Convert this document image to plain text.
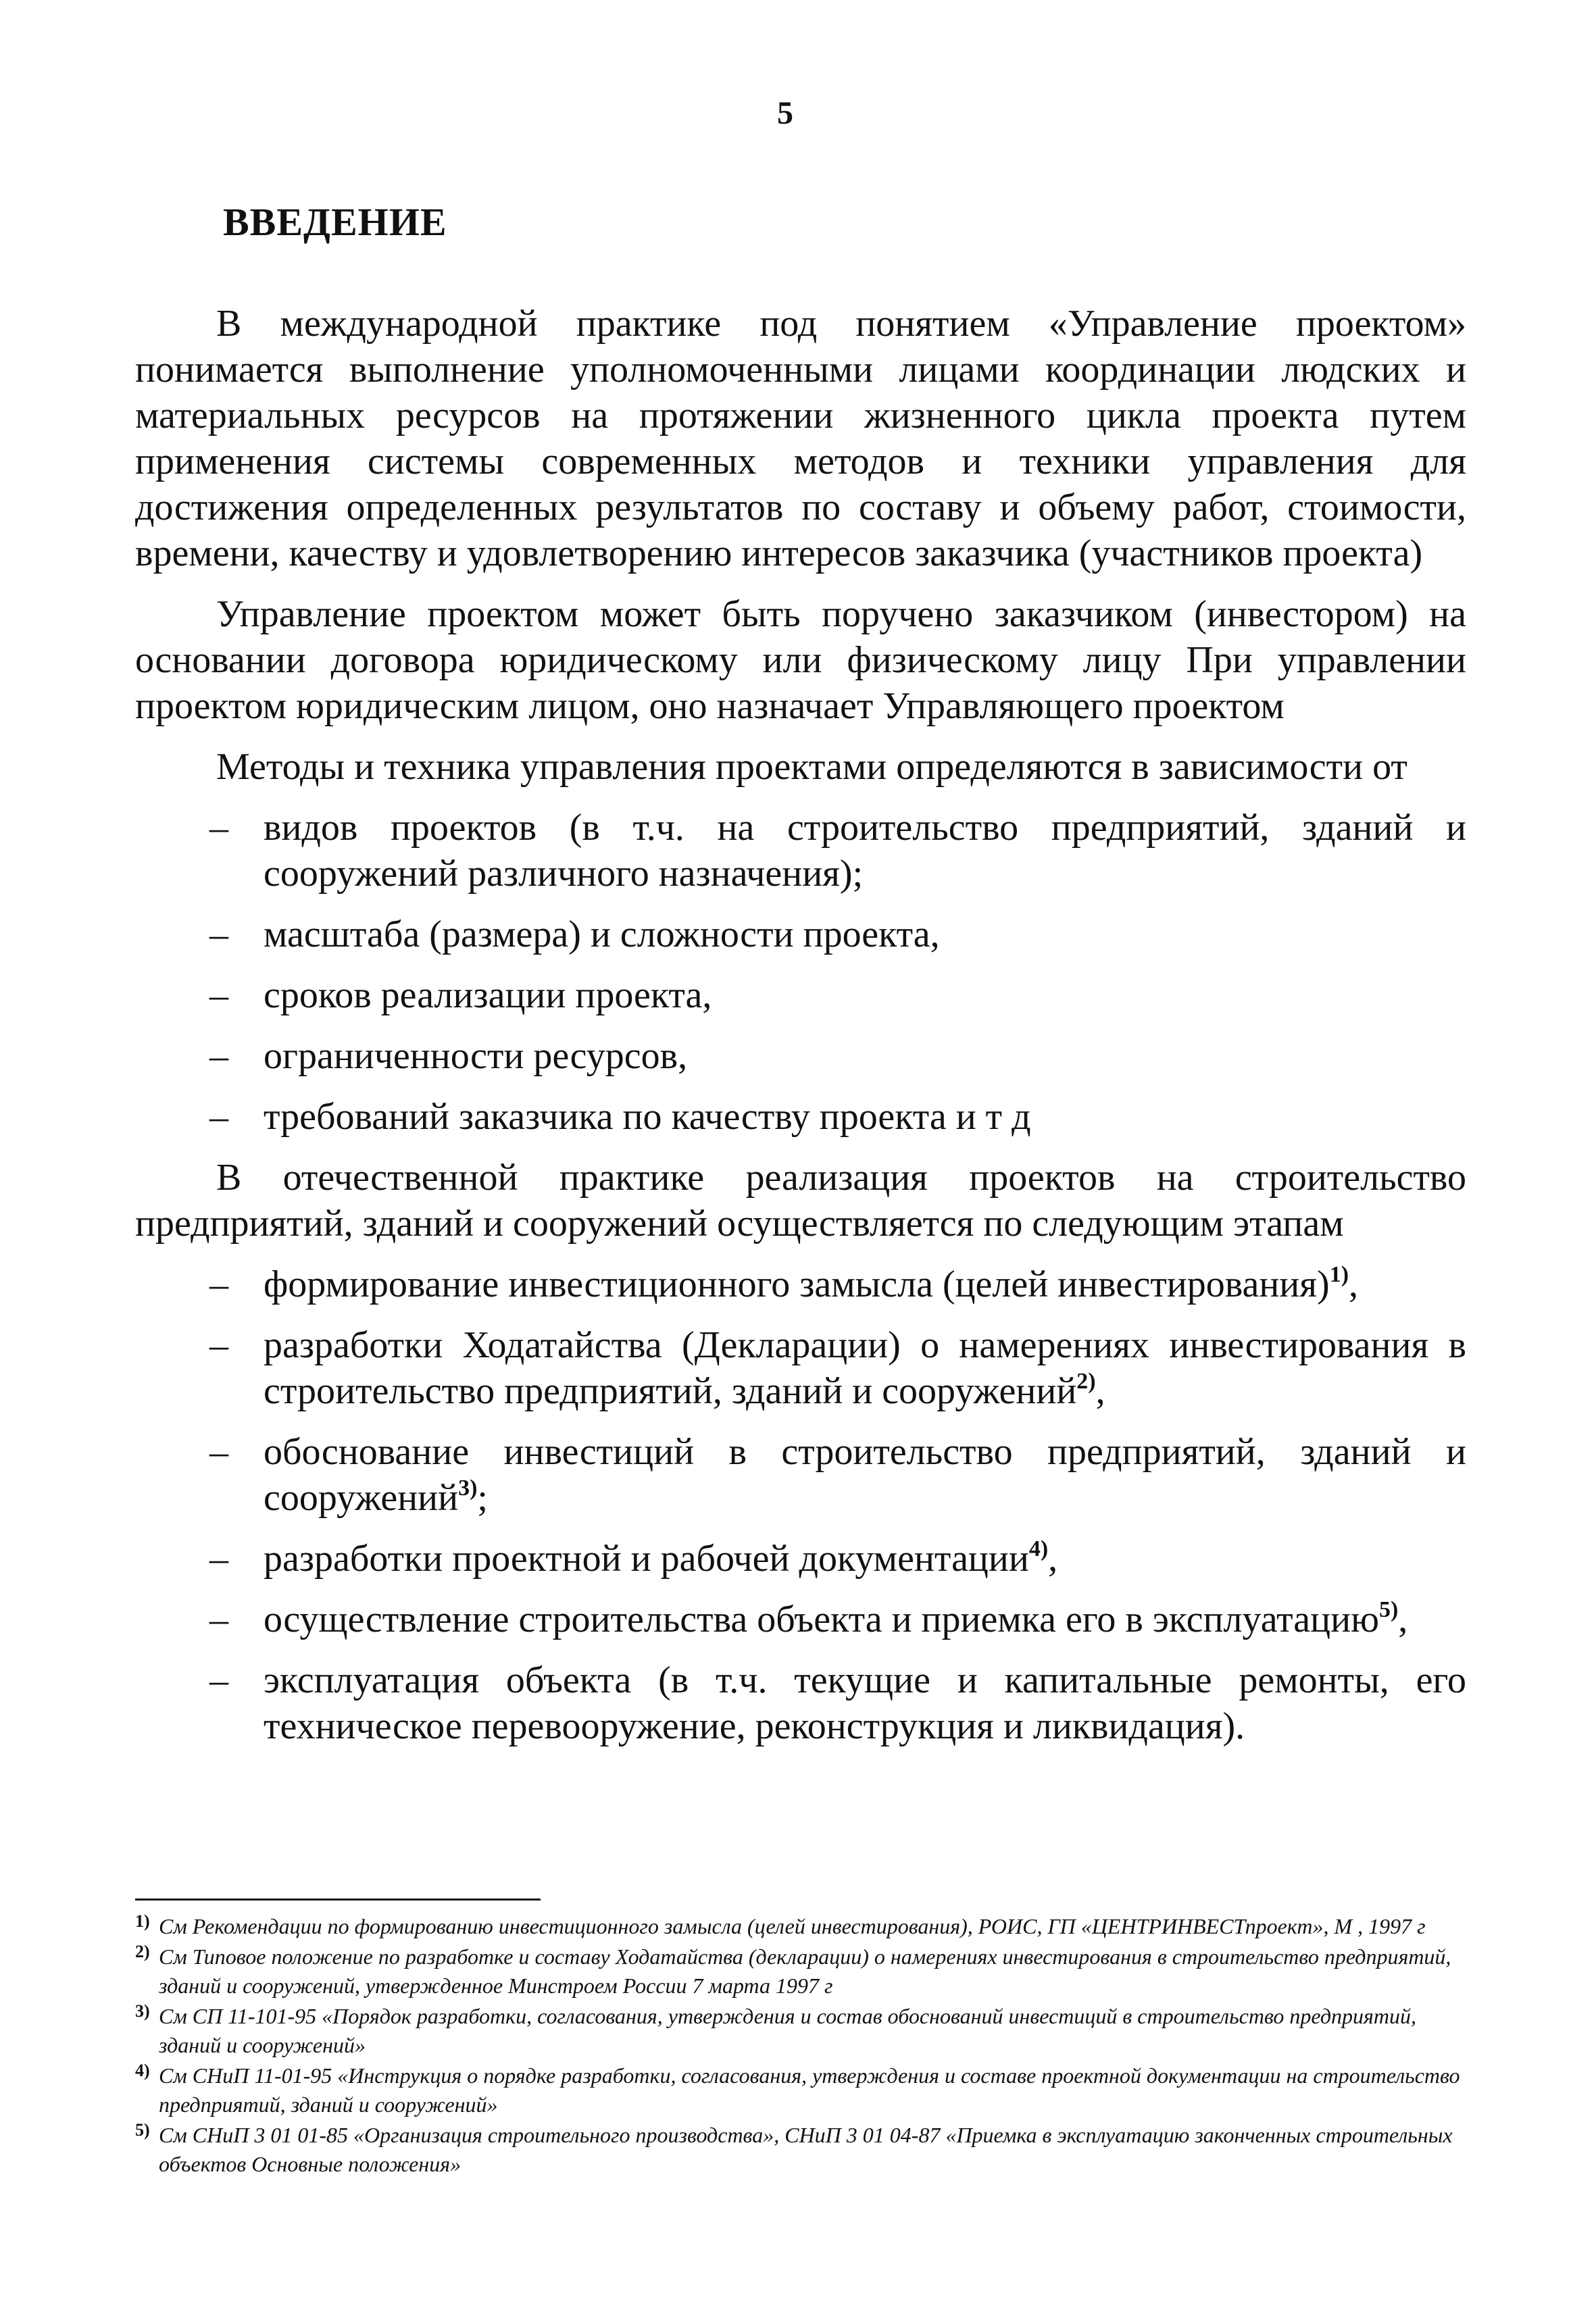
5
ВВЕДЕНИЕ

В международной практике под понятием «Управление проектом» понимается выполнение уполномоченными лицами координации людских и материальных ресурсов на протяжении жизненного цикла проекта путем применения системы современных методов и техники управления для достижения определенных результатов по составу и объему работ, стоимости, времени, качеству и удовлетворению интересов заказчика (участников проекта)

Управление проектом может быть поручено заказчиком (инвестором) на основании договора юридическому или физическому лицу При управлении проектом юридическим лицом, оно назначает Управляющего проектом

Методы и техника управления проектами определяются в зависимости от

– видов проектов (в т.ч. на строительство предприятий, зданий и сооружений различного назначения);
– масштаба (размера) и сложности проекта,
– сроков реализации проекта,
– ограниченности ресурсов,
– требований заказчика по качеству проекта и т д

В отечественной практике реализация проектов на строительство предприятий, зданий и сооружений осуществляется по следующим этапам

– формирование инвестиционного замысла (целей инвестирования)$^{1)}$,
– разработки Ходатайства (Декларации) о намерениях инвестирования в строительство предприятий, зданий и сооружений$^{2)}$,
– обоснование инвестиций в строительство предприятий, зданий и сооружений$^{3)}$;
– разработки проектной и рабочей документации$^{4)}$,
– осуществление строительства объекта и приемка его в эксплуатацию$^{5)}$,
– эксплуатация объекта (в т.ч. текущие и капитальные ремонты, его техническое перевооружение, реконструкция и ликвидация).
1) См Рекомендации по формированию инвестиционного замысла (целей инвестирования), РОИС, ГП «ЦЕНТРИНВЕСТпроект», М , 1997 г
2) См Типовое положение по разработке и составу Ходатайства (декларации) о намерениях инвестирования в строительство предприятий, зданий и сооружений, утвержденное Минстроем России 7 марта 1997 г
3) См СП 11-101-95 «Порядок разработки, согласования, утверждения и состав обоснований инвестиций в строительство предприятий, зданий и сооружений»
4) См СНиП 11-01-95 «Инструкция о порядке разработки, согласования, утверждения и составе проектной документации на строительство предприятий, зданий и сооружений»
5) См СНиП 3 01 01-85 «Организация строительного производства», СНиП 3 01 04-87 «Приемка в эксплуатацию законченных строительных объектов Основные положения»
